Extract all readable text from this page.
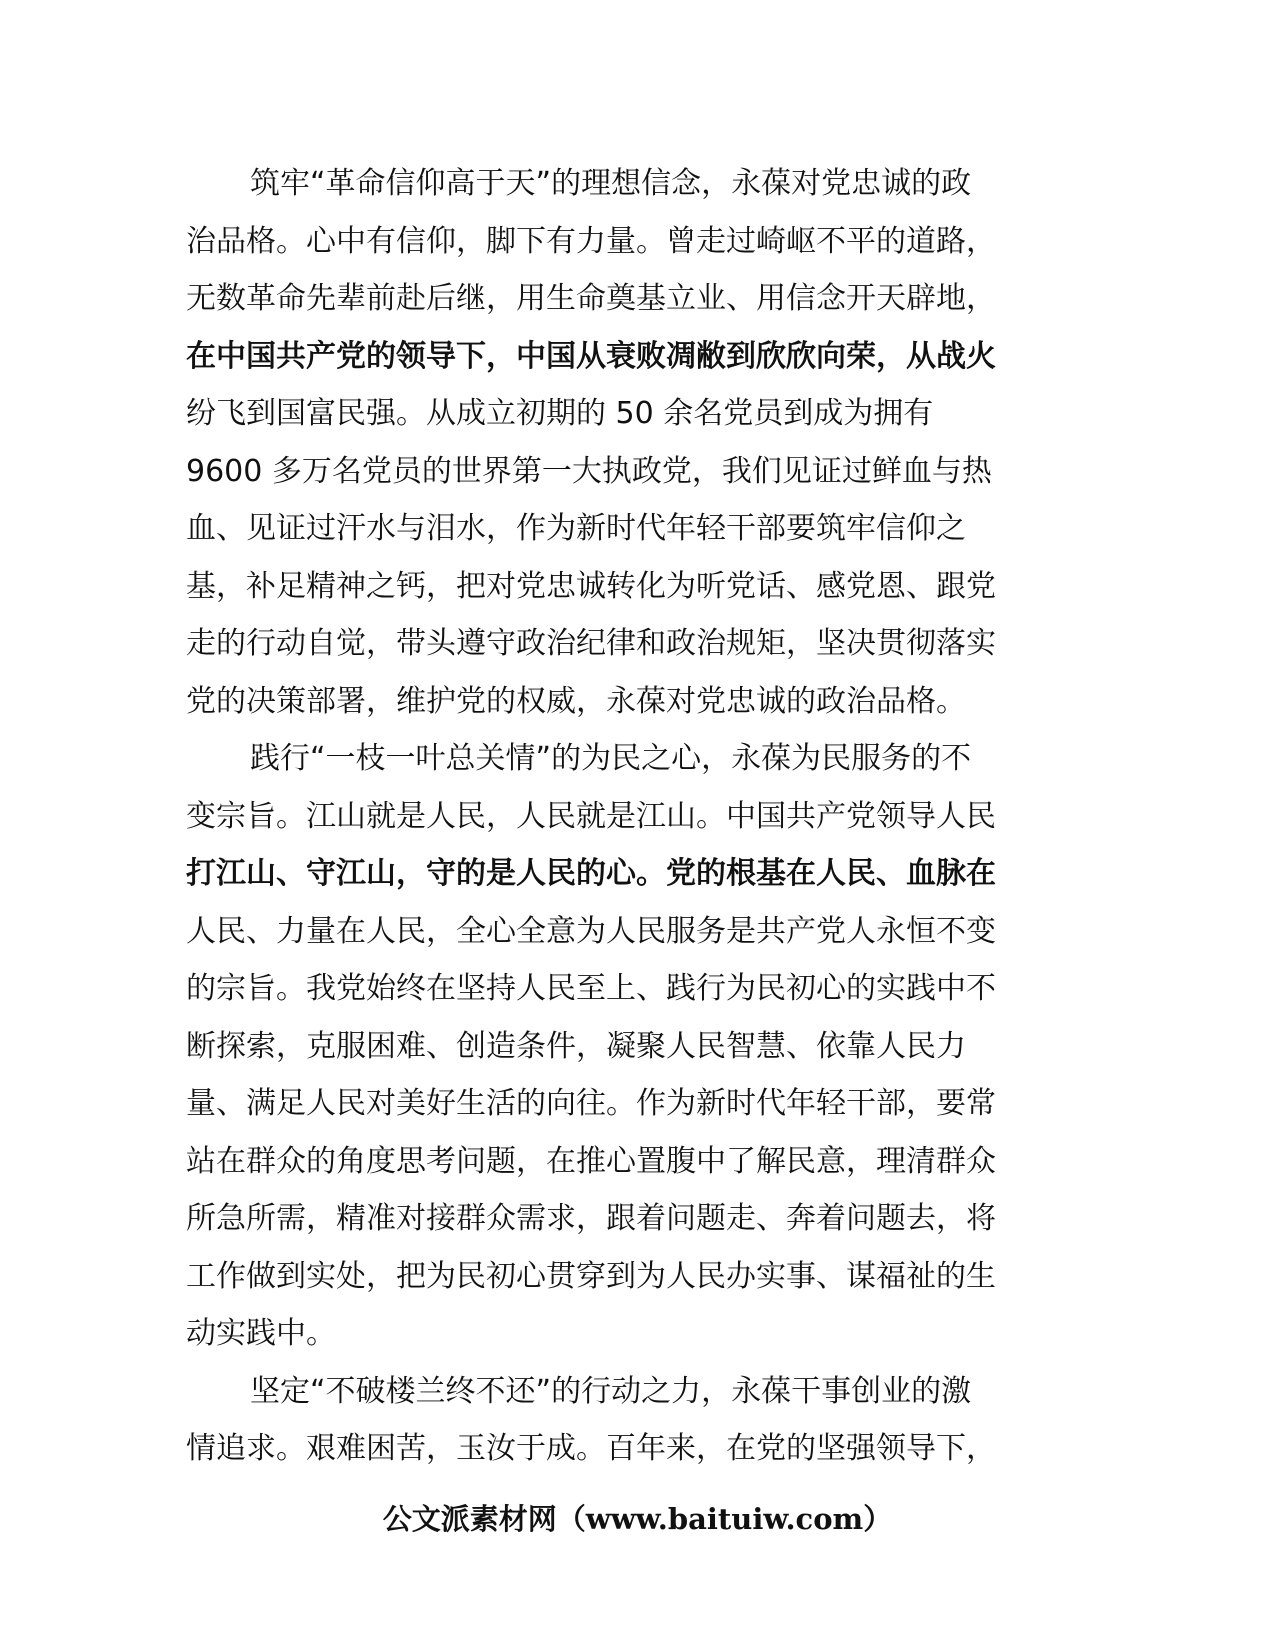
筑牢“革命信仰高于天”的理想信念，永葆对党忠诚的政
治品格。心中有信仰，脚下有力量。曾走过崎岖不平的道路，
无数革命先辈前赴后继，用生命奠基立业、用信念开天辟地，
在中国共产党的领导下，中国从衰败凋敝到欣欣向荣，从战火
纷飞到国富民强。从成立初期的 50 余名党员到成为拥有
9600 多万名党员的世界第一大执政党，我们见证过鲜血与热
血、见证过汗水与泪水，作为新时代年轻干部要筑牢信仰之
基，补足精神之钙，把对党忠诚转化为听党话、感党恩、跟党
走的行动自觉，带头遵守政治纪律和政治规矩，坚决贯彻落实
党的决策部署，维护党的权威，永葆对党忠诚的政治品格。
践行“一枝一叶总关情”的为民之心，永葆为民服务的不
变宗旨。江山就是人民，人民就是江山。中国共产党领导人民
打江山、守江山，守的是人民的心。党的根基在人民、血脉在
人民、力量在人民，全心全意为人民服务是共产党人永恒不变
的宗旨。我党始终在坚持人民至上、践行为民初心的实践中不
断探索，克服困难、创造条件，凝聚人民智慧、依靠人民力
量、满足人民对美好生活的向往。作为新时代年轻干部，要常
站在群众的角度思考问题，在推心置腹中了解民意，理清群众
所急所需，精准对接群众需求，跟着问题走、奔着问题去，将
工作做到实处，把为民初心贯穿到为人民办实事、谋福祉的生
动实践中。
坚定“不破楼兰终不还”的行动之力，永葆干事创业的激
情追求。艰难困苦，玉汝于成。百年来，在党的坚强领导下，
公文派素材网（www.baituiw.com）
